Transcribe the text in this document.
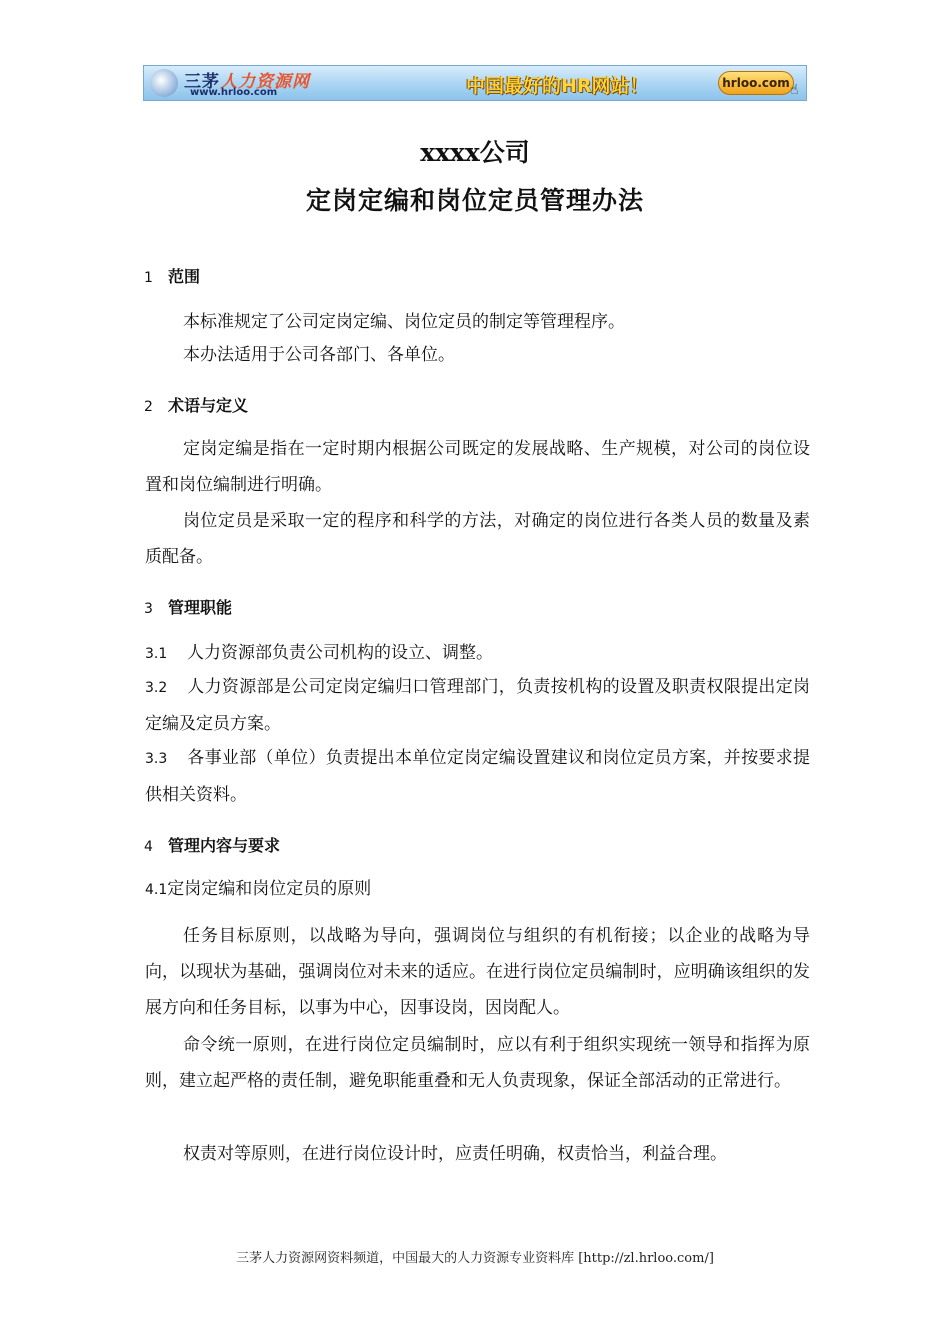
三茅人力资源网
www.hrloo.com	中国最好的HR网站！	hrloo.com ☝
xxxx公司
定岗定编和岗位定员管理办法
1 范围

本标准规定了公司定岗定编、岗位定员的制定等管理程序。

本办法适用于公司各部门、各单位。

2 术语与定义

定岗定编是指在一定时期内根据公司既定的发展战略、生产规模，对公司的岗位设置和岗位编制进行明确。

岗位定员是采取一定的程序和科学的方法，对确定的岗位进行各类人员的数量及素质配备。

3 管理职能

3.1 人力资源部负责公司机构的设立、调整。

3.2 人力资源部是公司定岗定编归口管理部门，负责按机构的设置及职责权限提出定岗定编及定员方案。

3.3 各事业部（单位）负责提出本单位定岗定编设置建议和岗位定员方案，并按要求提供相关资料。

4 管理内容与要求

4.1定岗定编和岗位定员的原则

任务目标原则，以战略为导向，强调岗位与组织的有机衔接；以企业的战略为导向，以现状为基础，强调岗位对未来的适应。在进行岗位定员编制时，应明确该组织的发展方向和任务目标，以事为中心，因事设岗，因岗配人。

命令统一原则，在进行岗位定员编制时，应以有利于组织实现统一领导和指挥为原则，建立起严格的责任制，避免职能重叠和无人负责现象，保证全部活动的正常进行。

权责对等原则，在进行岗位设计时，应责任明确，权责恰当，利益合理。

三茅人力资源网资料频道，中国最大的人力资源专业资料库 [http://zl.hrloo.com/]
